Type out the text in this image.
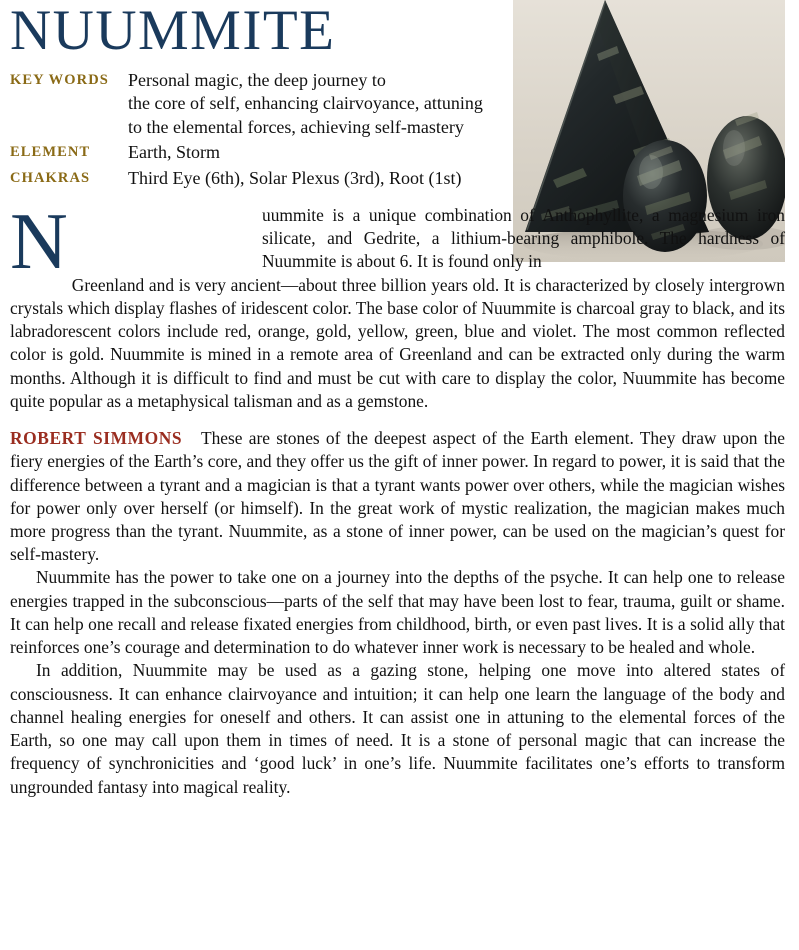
NUUMMITE
KEY WORDS	Personal magic, the deep journey to
the core of self, enhancing clairvoyance, attuning
to the elemental forces, achieving self-mastery
ELEMENT	Earth, Storm
CHAKRAS	Third Eye (6th), Solar Plexus (3rd), Root (1st)
N	uummite is a unique combination of Anthophyllite, a magnesium iron silicate, and Gedrite, a lithium-bearing amphibole. The hardness of Nuummite is about 6. It is found only in

Greenland and is very ancient—about three billion years old. It is characterized by closely intergrown crystals which display flashes of iridescent color. The base color of Nuummite is charcoal gray to black, and its labradorescent colors include red, orange, gold, yellow, green, blue and violet. The most common reflected color is gold. Nuummite is mined in a remote area of Greenland and can be extracted only during the warm months. Although it is difficult to find and must be cut with care to display the color, Nuummite has become quite popular as a metaphysical talisman and as a gemstone.

ROBERT SIMMONS These are stones of the deepest aspect of the Earth element. They draw upon the fiery energies of the Earth’s core, and they offer us the gift of inner power. In regard to power, it is said that the difference between a tyrant and a magician is that a tyrant wants power over others, while the magician wishes for power only over herself (or himself). In the great work of mystic realization, the magician makes much more progress than the tyrant. Nuummite, as a stone of inner power, can be used on the magician’s quest for self-mastery.

Nuummite has the power to take one on a journey into the depths of the psyche. It can help one to release energies trapped in the subconscious—parts of the self that may have been lost to fear, trauma, guilt or shame. It can help one recall and release fixated energies from childhood, birth, or even past lives. It is a solid ally that reinforces one’s courage and determination to do whatever inner work is necessary to be healed and whole.

In addition, Nuummite may be used as a gazing stone, helping one move into altered states of consciousness. It can enhance clairvoyance and intuition; it can help one learn the language of the body and channel healing energies for oneself and others. It can assist one in attuning to the elemental forces of the Earth, so one may call upon them in times of need. It is a stone of personal magic that can increase the frequency of synchronicities and ‘good luck’ in one’s life. Nuummite facilitates one’s efforts to transform ungrounded fantasy into magical reality.
